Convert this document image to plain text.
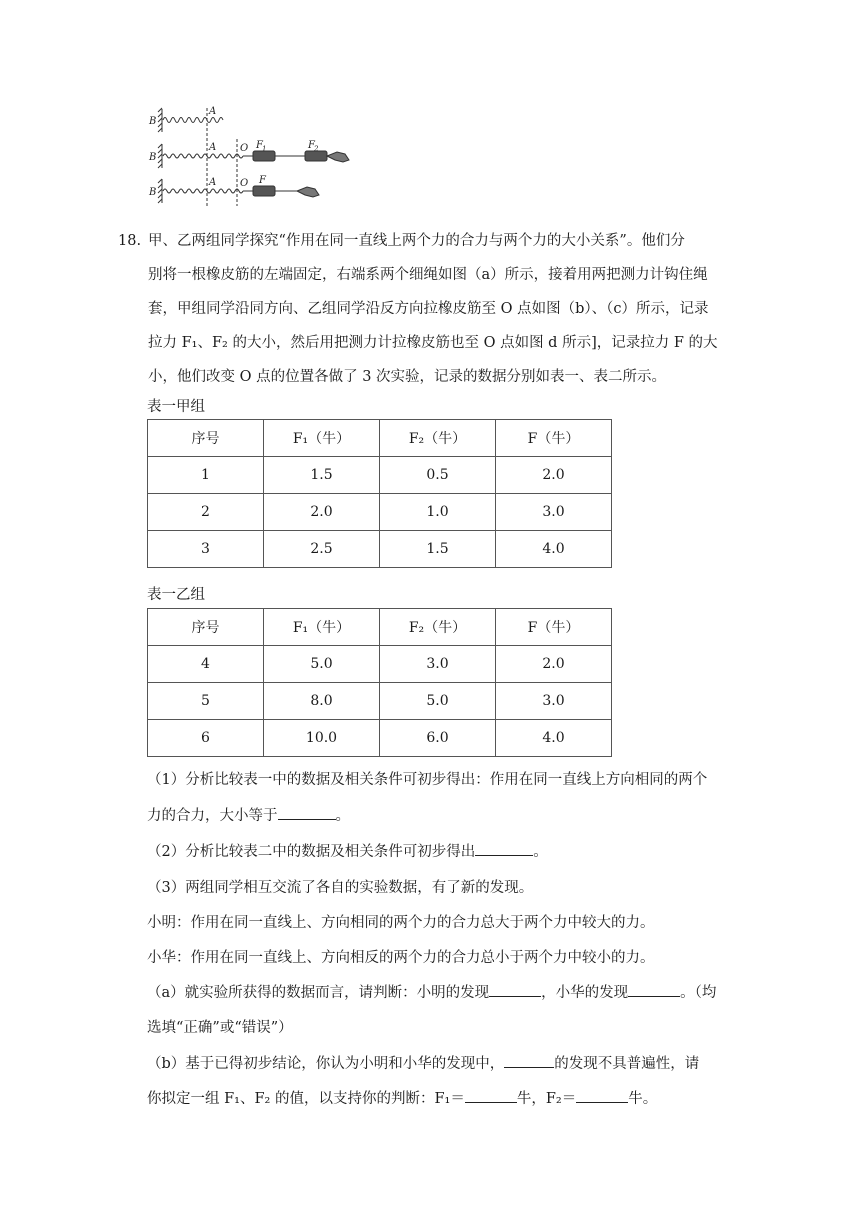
B
B
B
A
A
A
O
O
F 1	F 2
F
18. 甲、乙两组同学探究“作用在同一直线上两个力的合力与两个力的大小关系”。他们分
别将一根橡皮筋的左端固定，右端系两个细绳如图（a）所示，接着用两把测力计钩住绳
套，甲组同学沿同方向、乙组同学沿反方向拉橡皮筋至 O 点如图（b）、（c）所示，记录
拉力 F₁、F₂ 的大小，然后用把测力计拉橡皮筋也至 O 点如图 d 所示]，记录拉力 F 的大
小，他们改变 O 点的位置各做了 3 次实验，记录的数据分别如表一、表二所示。
表一甲组
序号	F₁（牛）	F₂（牛）	F（牛）
1	1.5	0.5	2.0
2	2.0	1.0	3.0
3	2.5	1.5	4.0
表一乙组
序号	F₁（牛）	F₂（牛）	F（牛）
4	5.0	3.0	2.0
5	8.0	5.0	3.0
6	10.0	6.0	4.0
（1）分析比较表一中的数据及相关条件可初步得出：作用在同一直线上方向相同的两个
力的合力，大小等于	。
（2）分析比较表二中的数据及相关条件可初步得出	。
（3）两组同学相互交流了各自的实验数据，有了新的发现。
小明：作用在同一直线上、方向相同的两个力的合力总大于两个力中较大的力。
小华：作用在同一直线上、方向相反的两个力的合力总小于两个力中较小的力。
（a）就实验所获得的数据而言，请判断：小明的发现	，小华的发现	。（均
选填“正确”或“错误”）
（b）基于已得初步结论，你认为小明和小华的发现中，	的发现不具普遍性，请
你拟定一组 F₁、F₂ 的值，以支持你的判断：F₁＝	牛，F₂＝	牛。
